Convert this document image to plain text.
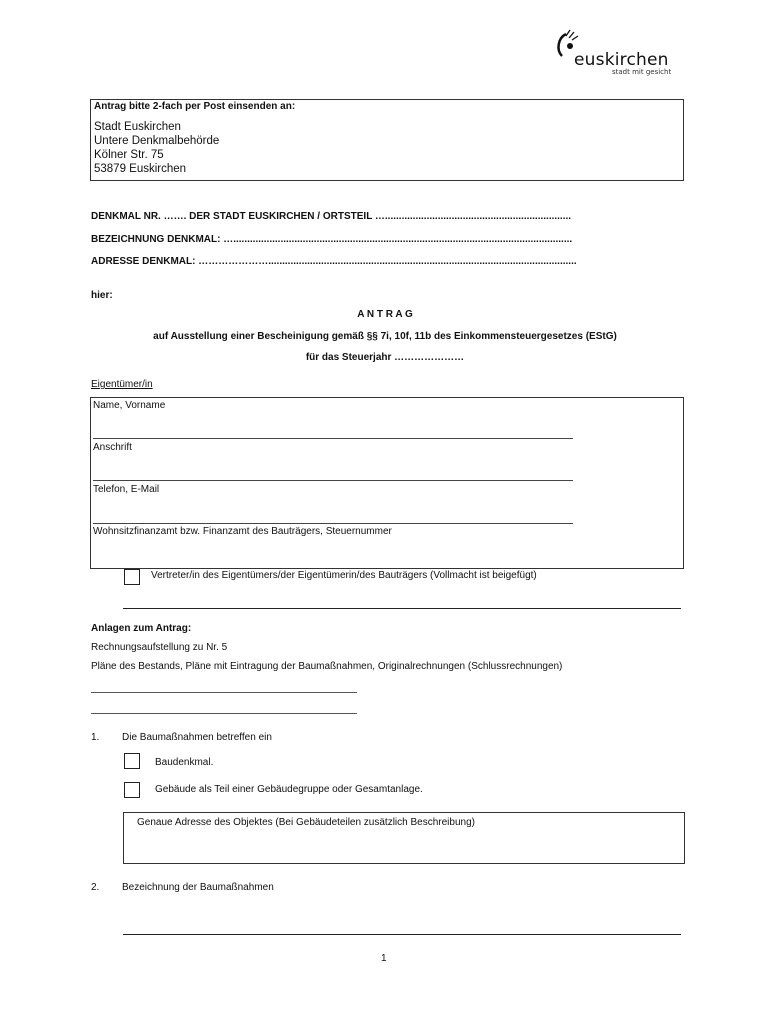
euskirchen
stadt mit gesicht
Antrag bitte 2-fach per Post einsenden an:
Stadt Euskirchen
Untere Denkmalbehörde
Kölner Str. 75
53879 Euskirchen
DENKMAL NR. ……. DER STADT EUSKIRCHEN / ORTSTEIL …...................................................................
BEZEICHNUNG DENKMAL: …..........................................................................................................................
ADRESSE DENKMAL: …………………...............................................................................................................
hier:
A N T R A G
auf Ausstellung einer Bescheinigung gemäß §§ 7i, 10f, 11b des Einkommensteuergesetzes (EStG)
für das Steuerjahr …………………
Eigentümer/in
Name, Vorname
Anschrift
Telefon, E-Mail
Wohnsitzfinanzamt bzw. Finanzamt des Bauträgers, Steuernummer
Vertreter/in des Eigentümers/der Eigentümerin/des Bauträgers (Vollmacht ist beigefügt)
Anlagen zum Antrag:
Rechnungsaufstellung zu Nr. 5
Pläne des Bestands, Pläne mit Eintragung der Baumaßnahmen, Originalrechnungen (Schlussrechnungen)
1. Die Baumaßnahmen betreffen ein
Baudenkmal.
Gebäude als Teil einer Gebäudegruppe oder Gesamtanlage.
Genaue Adresse des Objektes (Bei Gebäudeteilen zusätzlich Beschreibung)
2. Bezeichnung der Baumaßnahmen
1
